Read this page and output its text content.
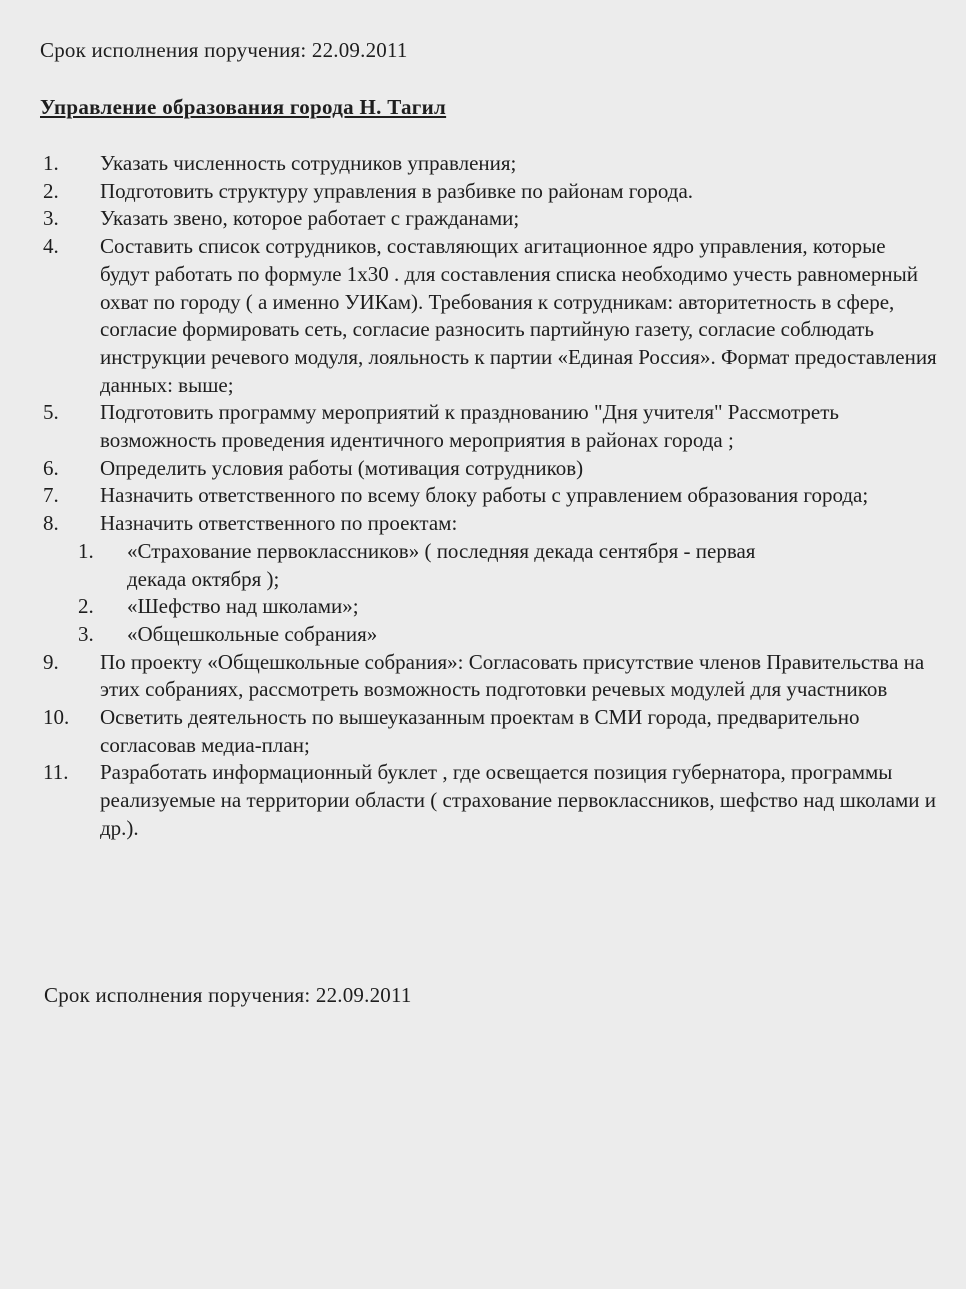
Срок исполнения поручения: 22.09.2011
Управление образования города Н. Тагил
1. Указать численность сотрудников управления;
2. Подготовить структуру управления в разбивке по районам города.
3. Указать звено, которое работает с гражданами;
4. Составить список сотрудников, составляющих агитационное ядро управления, которые будут работать по формуле 1х30 . для составления списка необходимо учесть равномерный охват по городу ( а именно УИКам). Требования к сотрудникам: авторитетность в сфере, согласие формировать сеть, согласие разносить партийную газету, согласие соблюдать инструкции речевого модуля, лояльность к партии «Единая Россия». Формат предоставления данных: выше;
5. Подготовить программу мероприятий к празднованию "Дня учителя" Рассмотреть возможность проведения идентичного мероприятия в районах города ;
6. Определить условия работы (мотивация сотрудников)
7. Назначить ответственного по всему блоку работы с управлением образования города;
8. Назначить ответственного по проектам:
1. «Страхование первоклассников» ( последняя декада сентября - первая декада октября );
2. «Шефство над школами»;
3. «Общешкольные собрания»
9. По проекту «Общешкольные собрания»: Согласовать присутствие членов Правительства на этих собраниях, рассмотреть возможность подготовки речевых модулей для участников
10. Осветить деятельность по вышеуказанным проектам в СМИ города, предварительно согласовав медиа-план;
11. Разработать информационный буклет , где освещается позиция губернатора, программы реализуемые на территории области ( страхование первоклассников, шефство над школами и др.).
Срок исполнения поручения: 22.09.2011
